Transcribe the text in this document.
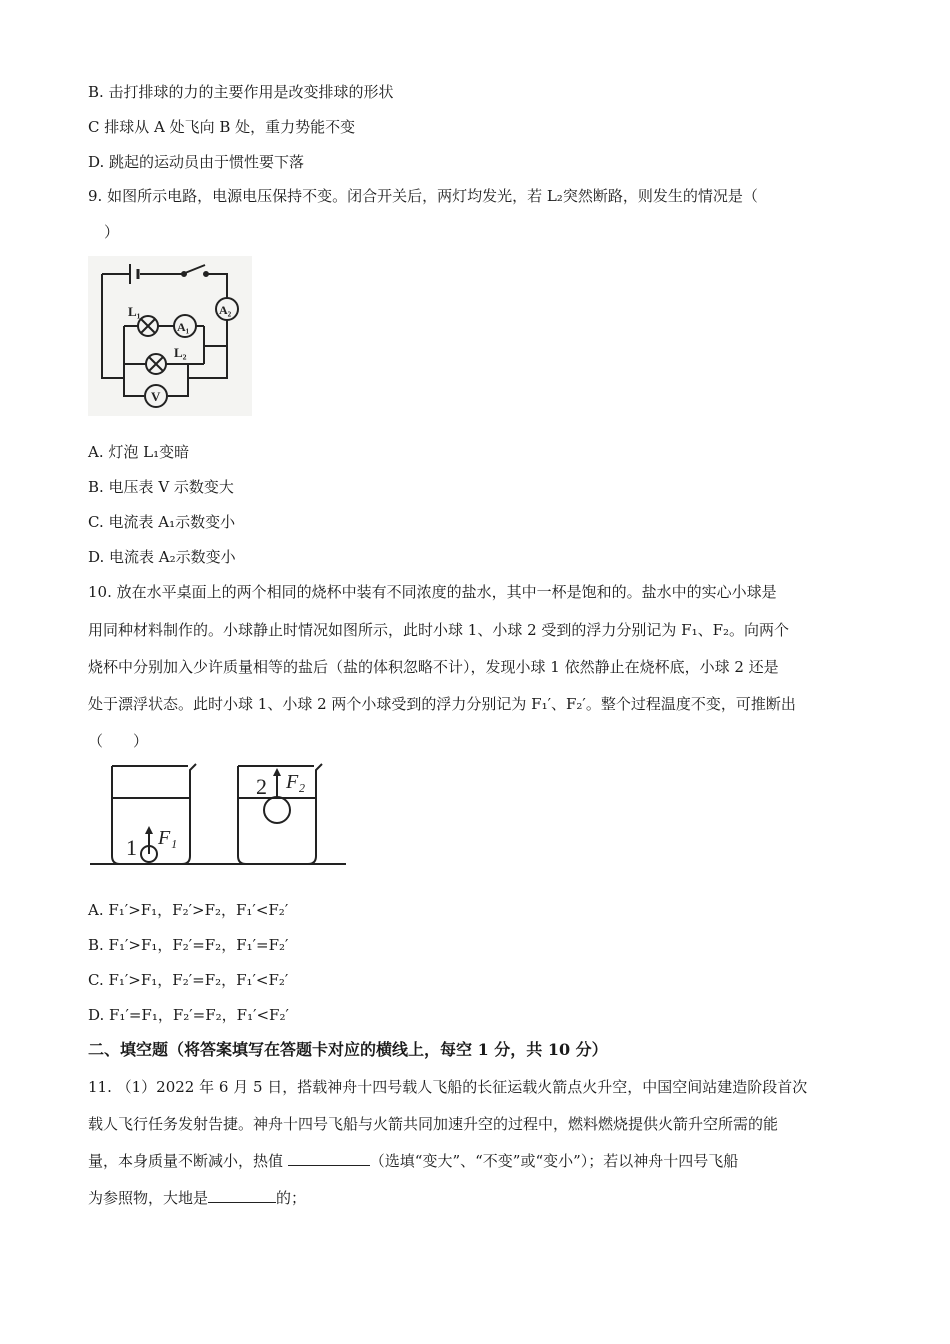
B. 击打排球的力的主要作用是改变排球的形状
C 排球从 A 处飞向 B 处，重力势能不变
D. 跳起的运动员由于惯性要下落
9. 如图所示电路，电源电压保持不变。闭合开关后，两灯均发光，若 L₂突然断路，则发生的情况是（
）
L₁
L₂
A₁
A₂
V
A. 灯泡 L₁变暗
B. 电压表 V 示数变大
C. 电流表 A₁示数变小
D. 电流表 A₂示数变小
10. 放在水平桌面上的两个相同的烧杯中装有不同浓度的盐水，其中一杯是饱和的。盐水中的实心小球是
用同种材料制作的。小球静止时情况如图所示，此时小球 1、小球 2 受到的浮力分别记为 F₁、F₂。向两个
烧杯中分别加入少许质量相等的盐后（盐的体积忽略不计），发现小球 1 依然静止在烧杯底，小球 2 还是
处于漂浮状态。此时小球 1、小球 2 两个小球受到的浮力分别记为 F₁′、F₂′。整个过程温度不变，可推断出
（　　）
1 F₁
2 F₂
A. F₁′>F₁，F₂′>F₂，F₁′<F₂′
B. F₁′>F₁，F₂′=F₂，F₁′=F₂′
C. F₁′>F₁，F₂′=F₂，F₁′<F₂′
D. F₁′=F₁，F₂′=F₂，F₁′<F₂′
二、填空题（将答案填写在答题卡对应的横线上，每空 1 分，共 10 分）
11. （1）2022 年 6 月 5 日，搭载神舟十四号载人飞船的长征运载火箭点火升空，中国空间站建造阶段首次
载人飞行任务发射告捷。神舟十四号飞船与火箭共同加速升空的过程中，燃料燃烧提供火箭升空所需的能
量，本身质量不断减小，热值	（选填“变大”、“不变”或“变小”）；若以神舟十四号飞船
为参照物，大地是	的；
